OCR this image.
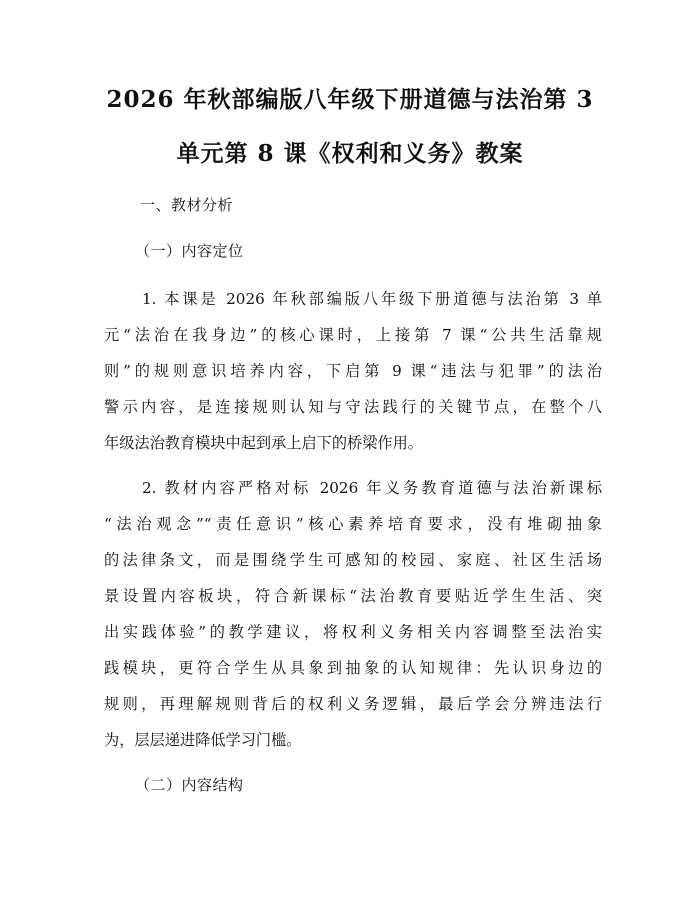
2026 年秋部编版八年级下册道德与法治第 3
单元第 8 课《权利和义务》教案
一、教材分析
（一）内容定位
1. 本课是 2026 年秋部编版八年级下册道德与法治第 3 单
元“法治在我身边”的核心课时，上接第 7 课“公共生活靠规
则”的规则意识培养内容，下启第 9 课“违法与犯罪”的法治
警示内容，是连接规则认知与守法践行的关键节点，在整个八
年级法治教育模块中起到承上启下的桥梁作用。
2. 教材内容严格对标 2026 年义务教育道德与法治新课标
“法治观念”“责任意识”核心素养培育要求，没有堆砌抽象
的法律条文，而是围绕学生可感知的校园、家庭、社区生活场
景设置内容板块，符合新课标“法治教育要贴近学生生活、突
出实践体验”的教学建议，将权利义务相关内容调整至法治实
践模块，更符合学生从具象到抽象的认知规律：先认识身边的
规则，再理解规则背后的权利义务逻辑，最后学会分辨违法行
为，层层递进降低学习门槛。
（二）内容结构
